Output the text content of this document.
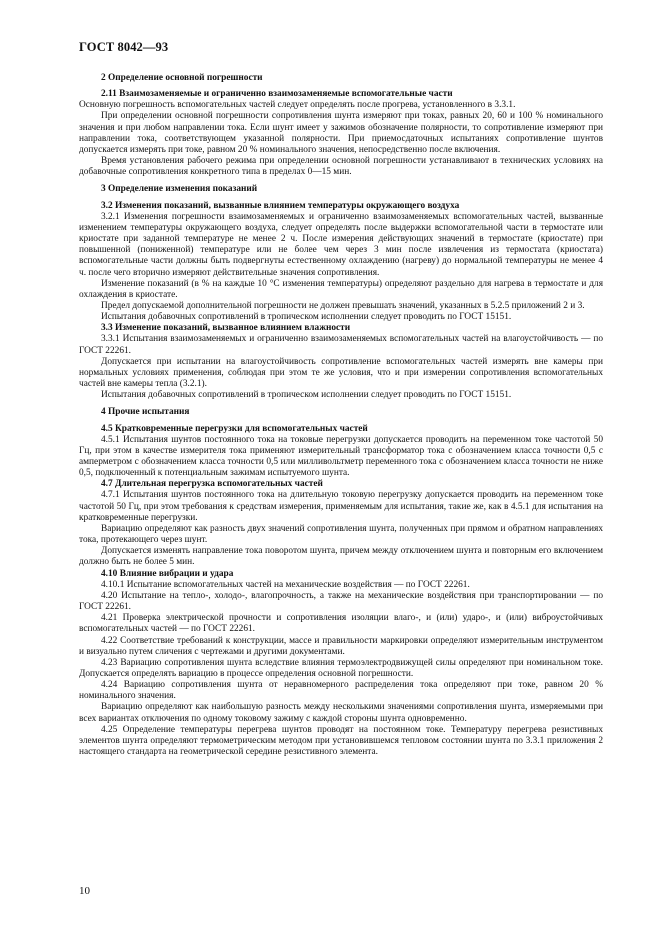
ГОСТ 8042—93
2 Определение основной погрешности
2.11 Взаимозаменяемые и ограниченно взаимозаменяемые вспомогательные части

Основную погрешность вспомогательных частей следует определять после прогрева, установленного в 3.3.1.

При определении основной погрешности сопротивления шунта измеряют при токах, равных 20, 60 и 100 % номинального значения и при любом направлении тока. Если шунт имеет у зажимов обозначение полярности, то сопротивление измеряют при направлении тока, соответствующем указанной полярности. При приемосдаточных испытаниях сопротивление шунтов допускается измерять при токе, равном 20 % номинального значения, непосредственно после включения.

Время установления рабочего режима при определении основной погрешности устанавливают в технических условиях на добавочные сопротивления конкретного типа в пределах 0—15 мин.

3 Определение изменения показаний
3.2 Изменения показаний, вызванные влиянием температуры окружающего воздуха

3.2.1 Изменения погрешности взаимозаменяемых и ограниченно взаимозаменяемых вспомогательных частей, вызванные изменением температуры окружающего воздуха, следует определять после выдержки вспомогательной части в термостате или криостате при заданной температуре не менее 2 ч. После измерения действующих значений в термостате (криостате) при повышенной (пониженной) температуре или не более чем через 3 мин после извлечения из термостата (криостата) вспомогательные части должны быть подвергнуты естественному охлаждению (нагреву) до нормальной температуры не менее 4 ч. после чего вторично измеряют действительные значения сопротивления.

Изменение показаний (в % на каждые 10 °С изменения температуры) определяют раздельно для нагрева в термостате и для охлаждения в криостате.

Предел допускаемой дополнительной погрешности не должен превышать значений, указанных в 5.2.5 приложений 2 и 3.

Испытания добавочных сопротивлений в тропическом исполнении следует проводить по ГОСТ 15151.

3.3 Изменение показаний, вызванное влиянием влажности

3.3.1 Испытания взаимозаменяемых и ограниченно взаимозаменяемых вспомогательных частей на влагоустойчивость — по ГОСТ 22261.

Допускается при испытании на влагоустойчивость сопротивление вспомогательных частей измерять вне камеры при нормальных условиях применения, соблюдая при этом те же условия, что и при измерении сопротивления вспомогательных частей вне камеры тепла (3.2.1).

Испытания добавочных сопротивлений в тропическом исполнении следует проводить по ГОСТ 15151.

4 Прочие испытания
4.5 Кратковременные перегрузки для вспомогательных частей

4.5.1 Испытания шунтов постоянного тока на токовые перегрузки допускается проводить на переменном токе частотой 50 Гц, при этом в качестве измерителя тока применяют измерительный трансформатор тока с обозначением класса точности 0,5 с амперметром с обозначением класса точности 0,5 или милливольтметр переменного тока с обозначением класса точности не ниже 0,5, подключенный к потенциальным зажимам испытуемого шунта.

4.7 Длительная перегрузка вспомогательных частей

4.7.1 Испытания шунтов постоянного тока на длительную токовую перегрузку допускается проводить на переменном токе частотой 50 Гц, при этом требования к средствам измерения, применяемым для испытания, такие же, как в 4.5.1 для испытания на кратковременные перегрузки.

Вариацию определяют как разность двух значений сопротивления шунта, полученных при прямом и обратном направлениях тока, протекающего через шунт.

Допускается изменять направление тока поворотом шунта, причем между отключением шунта и повторным его включением должно быть не более 5 мин.

4.10 Влияние вибрации и удара

4.10.1 Испытание вспомогательных частей на механические воздействия — по ГОСТ 22261.

4.20 Испытание на тепло-, холодо-, влагопрочность, а также на механические воздействия при транспортировании — по ГОСТ 22261.

4.21 Проверка электрической прочности и сопротивления изоляции влаго-, и (или) ударо-, и (или) виброустойчивых вспомогательных частей — по ГОСТ 22261.

4.22 Соответствие требований к конструкции, массе и правильности маркировки определяют измерительным инструментом и визуально путем сличения с чертежами и другими документами.

4.23 Вариацию сопротивления шунта вследствие влияния термоэлектродвижущей силы определяют при номинальном токе. Допускается определять вариацию в процессе определения основной погрешности.

4.24 Вариацию сопротивления шунта от неравномерного распределения тока определяют при токе, равном 20 % номинального значения.

Вариацию определяют как наибольшую разность между несколькими значениями сопротивления шунта, измеряемыми при всех вариантах отключения по одному токовому зажиму с каждой стороны шунта одновременно.

4.25 Определение температуры перегрева шунтов проводят на постоянном токе. Температуру перегрева резистивных элементов шунта определяют термометрическим методом при установившемся тепловом состоянии шунта по 3.3.1 приложения 2 настоящего стандарта на геометрической середине резистивного элемента.

10
